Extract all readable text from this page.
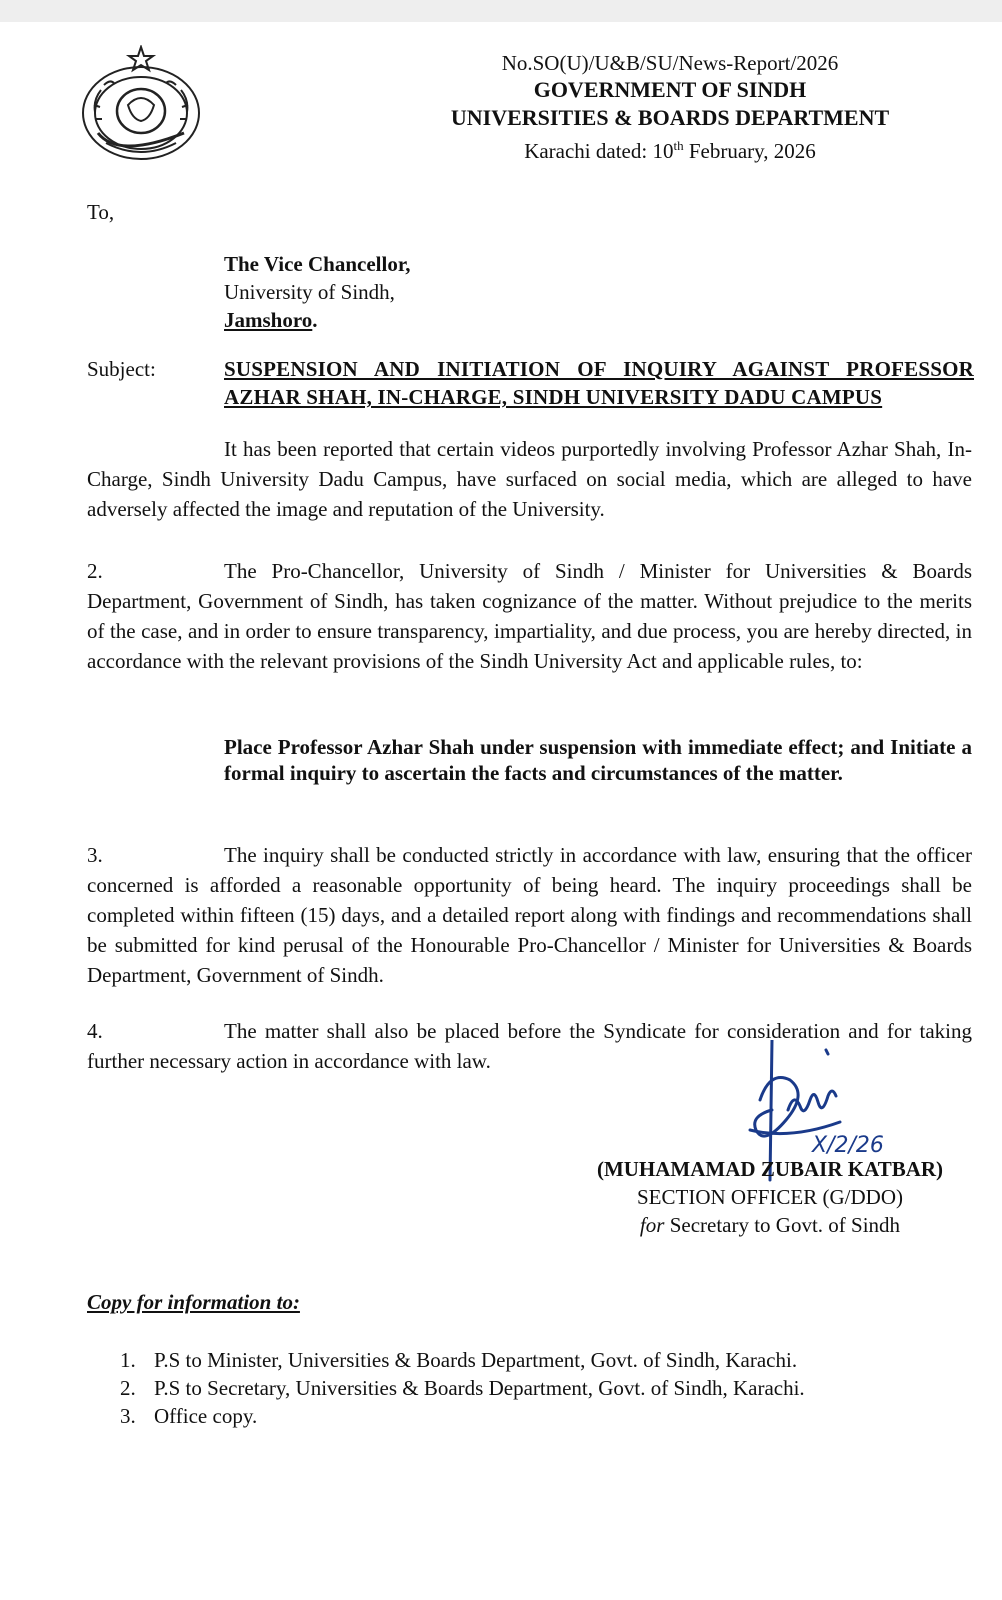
No.SO(U)/U&B/SU/News-Report/2026
GOVERNMENT OF SINDH
UNIVERSITIES & BOARDS DEPARTMENT
Karachi dated: 10th February, 2026
To,
The Vice Chancellor,
University of Sindh,
Jamshoro.
Subject:	SUSPENSION AND INITIATION OF INQUIRY AGAINST PROFESSOR
AZHAR SHAH, IN-CHARGE, SINDH UNIVERSITY DADU CAMPUS
It has been reported that certain videos purportedly involving Professor Azhar Shah, In-Charge, Sindh University Dadu Campus, have surfaced on social media, which are alleged to have adversely affected the image and reputation of the University.
2.	The Pro-Chancellor, University of Sindh / Minister for Universities & Boards Department, Government of Sindh, has taken cognizance of the matter. Without prejudice to the merits of the case, and in order to ensure transparency, impartiality, and due process, you are hereby directed, in accordance with the relevant provisions of the Sindh University Act and applicable rules, to:
Place Professor Azhar Shah under suspension with immediate effect; and Initiate a formal inquiry to ascertain the facts and circumstances of the matter.
3.	The inquiry shall be conducted strictly in accordance with law, ensuring that the officer concerned is afforded a reasonable opportunity of being heard. The inquiry proceedings shall be completed within fifteen (15) days, and a detailed report along with findings and recommendations shall be submitted for kind perusal of the Honourable Pro-Chancellor / Minister for Universities & Boards Department, Government of Sindh.
4.	The matter shall also be placed before the Syndicate for consideration and for taking further necessary action in accordance with law.
X/2/26
(MUHAMAMAD ZUBAIR KATBAR)
SECTION OFFICER (G/DDO)
for Secretary to Govt. of Sindh
Copy for information to:
1. P.S to Minister, Universities & Boards Department, Govt. of Sindh, Karachi.
2. P.S to Secretary, Universities & Boards Department, Govt. of Sindh, Karachi.
3. Office copy.
